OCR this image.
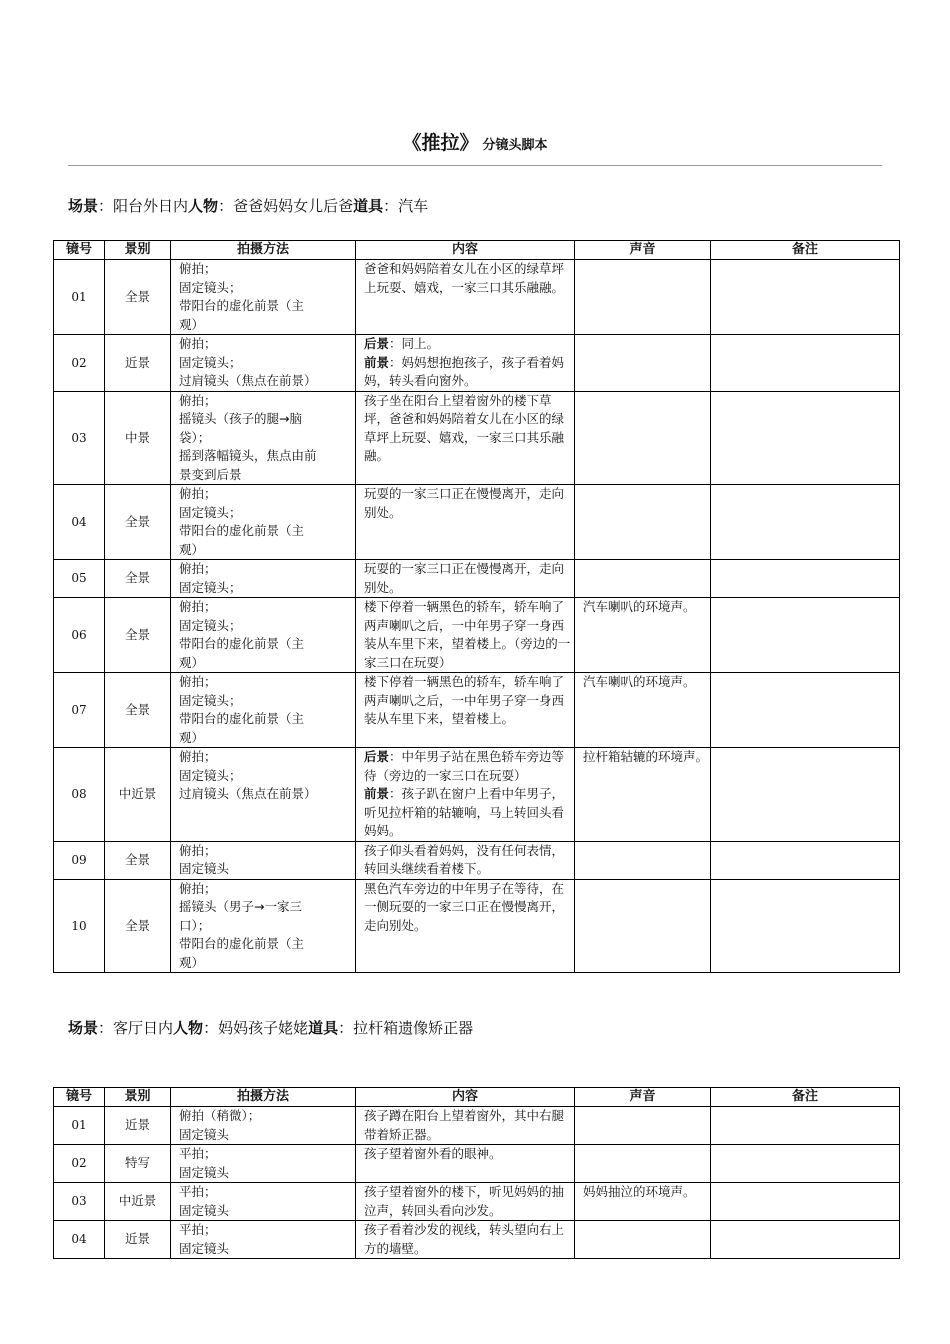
《推拉》 分镜头脚本
场景：阳台外日内人物：爸爸妈妈女儿后爸道具：汽车
镜号	景别	拍摄方法	内容	声音	备注
01	全景	俯拍；
固定镜头；
带阳台的虚化前景（主
观）	爸爸和妈妈陪着女儿在小区的绿草坪上玩耍、嬉戏，一家三口其乐融融。		

02	近景	俯拍；
固定镜头；
过肩镜头（焦点在前景）	后景：同上。
前景：妈妈想抱抱孩子，孩子看着妈妈，转头看向窗外。		

03	中景	俯拍；
摇镜头（孩子的腿→脑
袋）；
摇到落幅镜头，焦点由前
景变到后景	孩子坐在阳台上望着窗外的楼下草坪，爸爸和妈妈陪着女儿在小区的绿草坪上玩耍、嬉戏，一家三口其乐融融。		

04	全景	俯拍；
固定镜头；
带阳台的虚化前景（主
观）	玩耍的一家三口正在慢慢离开，走向别处。		

05	全景	俯拍；
固定镜头；	玩耍的一家三口正在慢慢离开，走向别处。		

06	全景	俯拍；
固定镜头；
带阳台的虚化前景（主
观）	楼下停着一辆黑色的轿车，轿车响了两声喇叭之后，一中年男子穿一身西装从车里下来，望着楼上。（旁边的一家三口在玩耍）	汽车喇叭的环境声。	
07	全景	俯拍；
固定镜头；
带阳台的虚化前景（主
观）	楼下停着一辆黑色的轿车，轿车响了两声喇叭之后，一中年男子穿一身西装从车里下来，望着楼上。	汽车喇叭的环境声。	
08	中近景	俯拍；
固定镜头；
过肩镜头（焦点在前景）	后景：中年男子站在黑色轿车旁边等待（旁边的一家三口在玩耍）
前景：孩子趴在窗户上看中年男子，听见拉杆箱的轱辘响，马上转回头看妈妈。	拉杆箱轱辘的环境声。	
09	全景	俯拍；
固定镜头	孩子仰头看着妈妈，没有任何表情，转回头继续看着楼下。		

10	全景	俯拍；
摇镜头（男子→一家三
口）；
带阳台的虚化前景（主
观）	黑色汽车旁边的中年男子在等待，在一侧玩耍的一家三口正在慢慢离开，走向别处。		

场景：客厅日内人物：妈妈孩子姥姥道具：拉杆箱遗像矫正器
镜号	景别	拍摄方法	内容	声音	备注
01	近景	俯拍（稍微）；
固定镜头	孩子蹲在阳台上望着窗外，其中右腿带着矫正器。		

02	特写	平拍；
固定镜头	孩子望着窗外看的眼神。		

03	中近景	平拍；
固定镜头	孩子望着窗外的楼下，听见妈妈的抽泣声，转回头看向沙发。	妈妈抽泣的环境声。	
04	近景	平拍；
固定镜头	孩子看着沙发的视线，转头望向右上方的墙壁。		
